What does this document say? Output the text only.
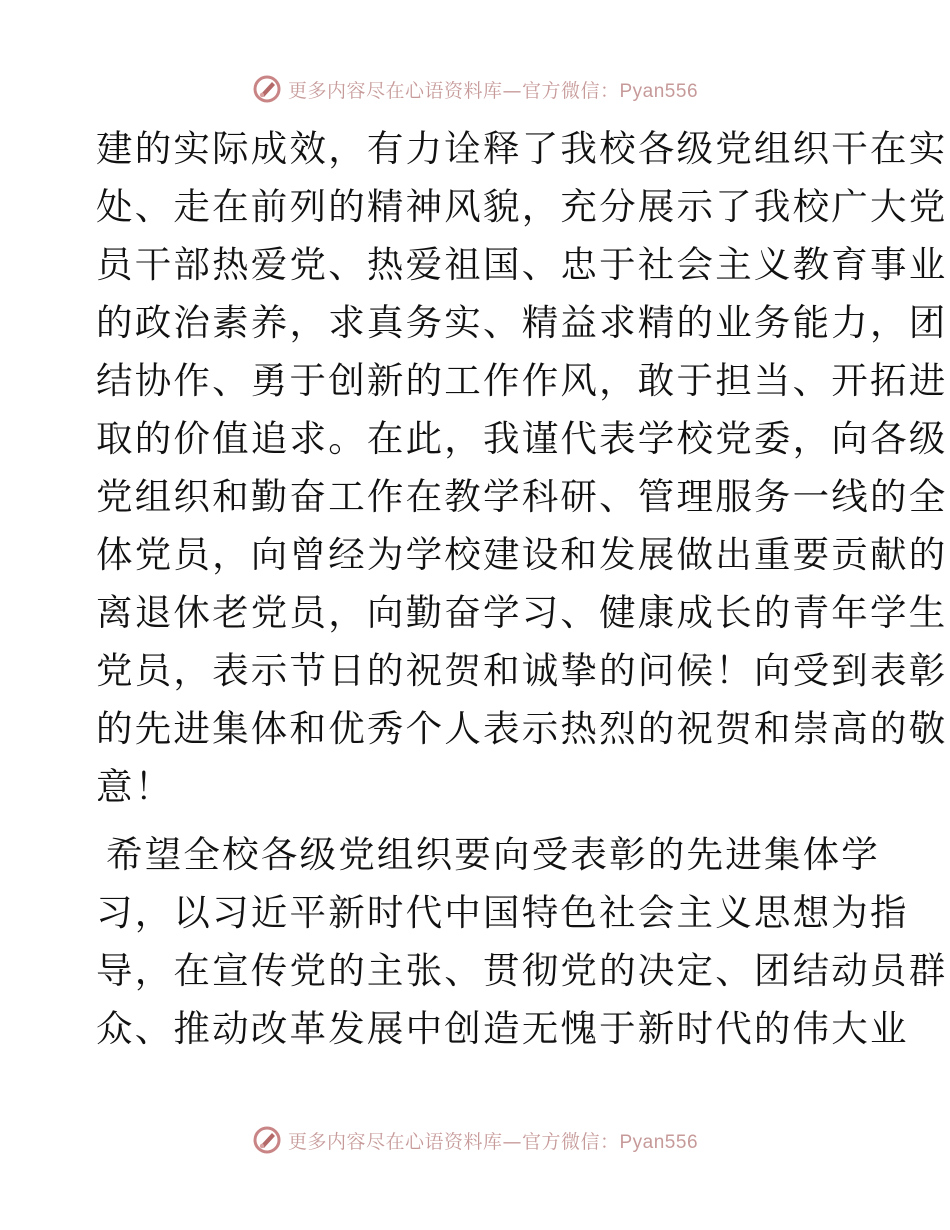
更多内容尽在心语资料库—官方微信：Pyan556
建的实际成效，有力诠释了我校各级党组织干在实
处、走在前列的精神风貌，充分展示了我校广大党
员干部热爱党、热爱祖国、忠于社会主义教育事业
的政治素养，求真务实、精益求精的业务能力，团
结协作、勇于创新的工作作风，敢于担当、开拓进
取的价值追求。在此，我谨代表学校党委，向各级
党组织和勤奋工作在教学科研、管理服务一线的全
体党员，向曾经为学校建设和发展做出重要贡献的
离退休老党员，向勤奋学习、健康成长的青年学生
党员，表示节日的祝贺和诚挚的问候！向受到表彰
的先进集体和优秀个人表示热烈的祝贺和崇高的敬
意！
希望全校各级党组织要向受表彰的先进集体学
习，以习近平新时代中国特色社会主义思想为指
导，在宣传党的主张、贯彻党的决定、团结动员群
众、推动改革发展中创造无愧于新时代的伟大业
更多内容尽在心语资料库—官方微信：Pyan556
